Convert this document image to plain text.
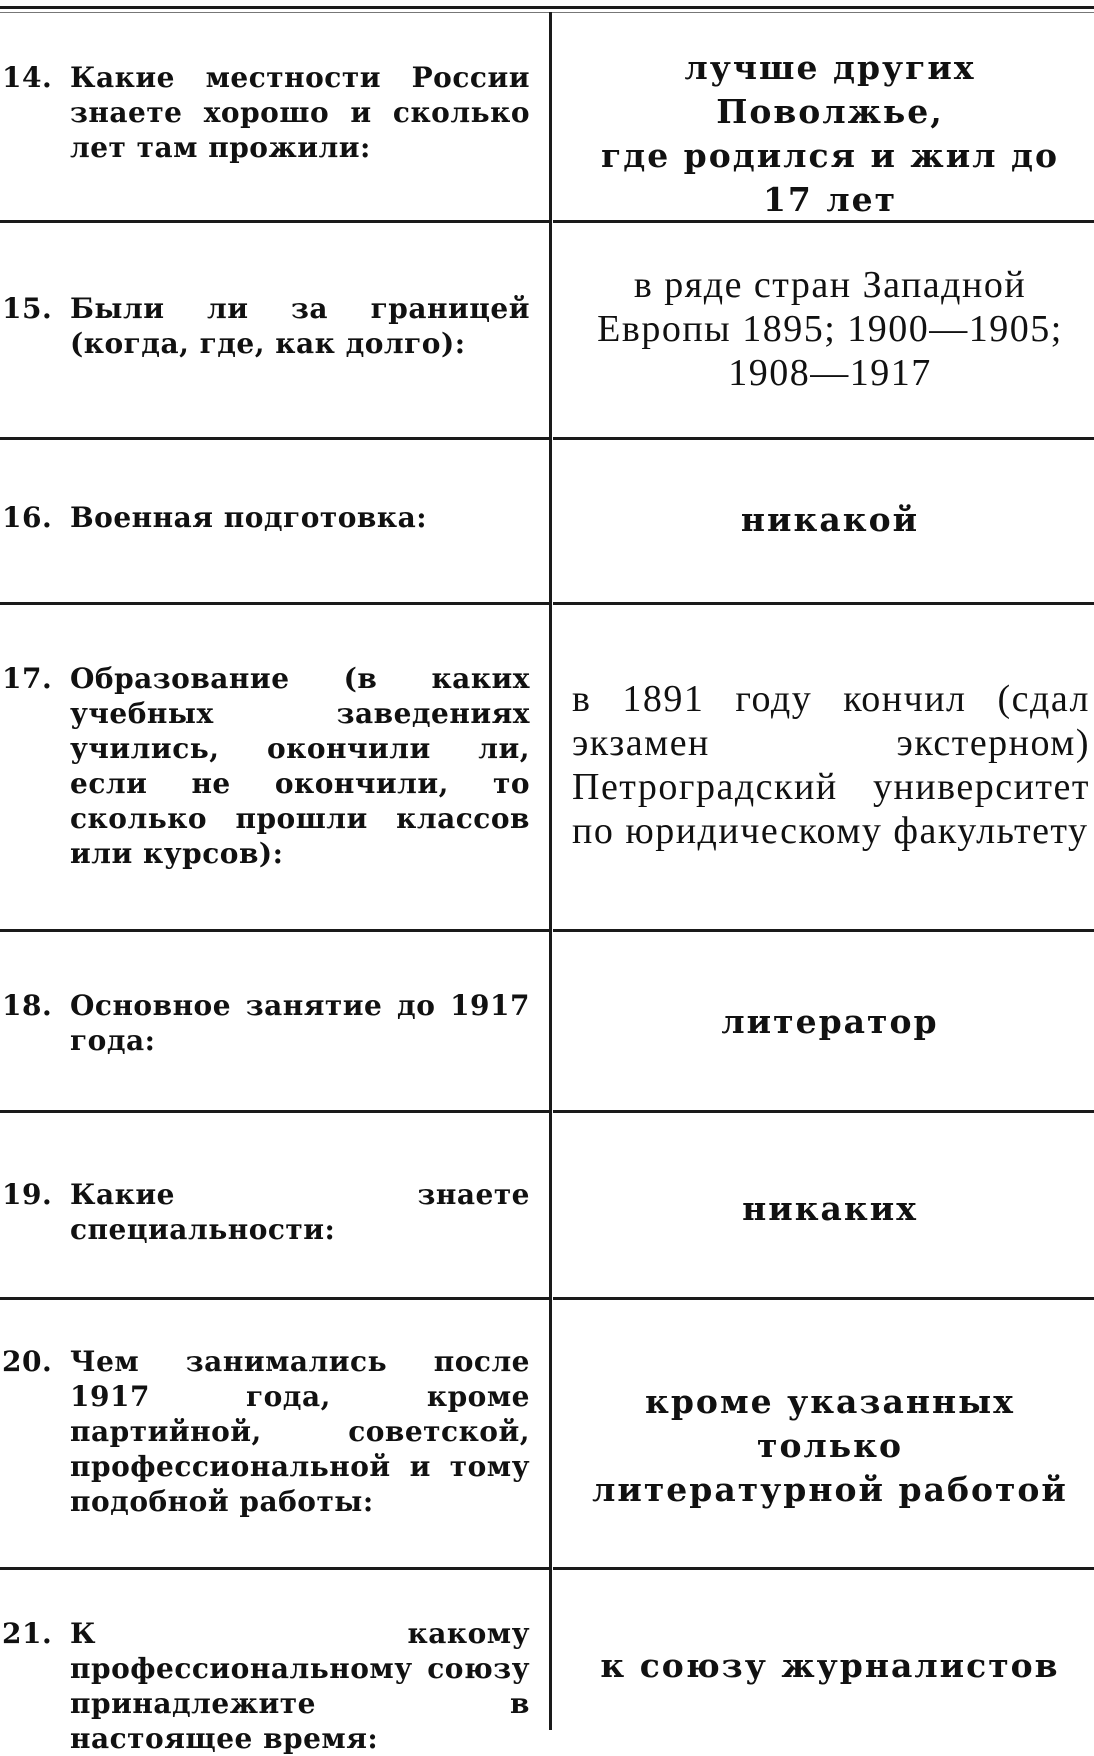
14. Какие местности России знаете хорошо и сколько лет там прожили:
лучше других Поволжье,
где родился и жил до
17 лет
15. Были ли за границей (когда, где, как долго):
в ряде стран Западной
Европы 1895; 1900—1905;
1908—1917
16. Военная подготовка:	никакой
17. Образование (в каких учебных заведениях учились, окончили ли, если не окончили, то сколько прошли классов или курсов):
в 1891 году кончил (сдал экзамен экстерном) Петроградский университет по юридическому факультету
18. Основное занятие до 1917 года:	литератор
19. Какие знаете специальности:
никаких
20. Чем занимались после 1917 года, кроме партийной, советской, профессиональной и тому подобной работы:
кроме указанных только
литературной работой
21. К какому профессиональному союзу принадлежите в настоящее время:
к союзу журналистов
